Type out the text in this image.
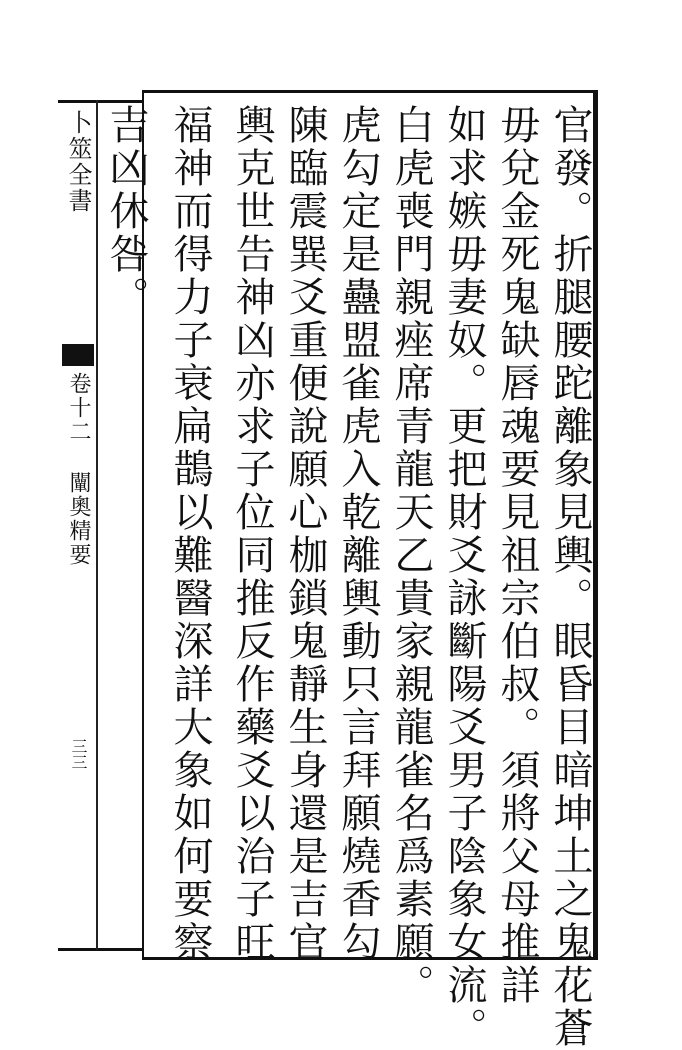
卜筮全書
卷十二 闡奧精要
三三	官發。折腿腰跎離象見輿。眼昏目暗坤土之鬼花蒼
毋兌金死鬼缺唇魂要見祖宗伯叔。須將父母推詳
如求嫉毋妻奴。更把財爻詠斷陽爻男子陰象女流。
白虎喪門親痤席青龍天乙貴家親龍雀名爲素願。
虎勾定是蠱盟雀虎入乾離輿動只言拜願燒香勾
陳臨震巽爻重便說願心枷鎖鬼靜生身還是吉官
輿克世告神凶亦求子位同推反作藥爻以治子旺
福神而得力子衰扁鵲以難醫深詳大象如何要察
吉凶休咎。
